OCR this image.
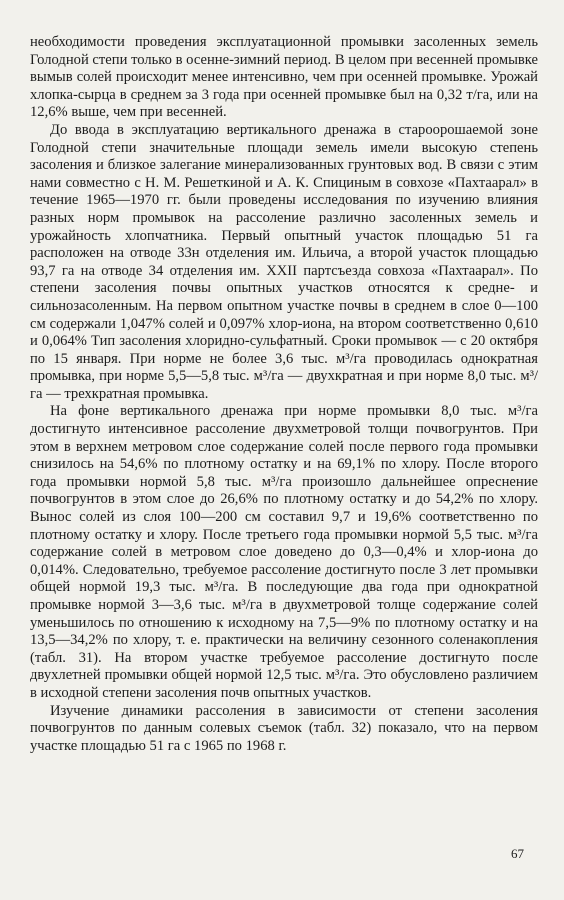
необходимости проведения эксплуатационной промывки засоленных земель Голодной степи только в осенне-зимний период. В целом при весенней промывке вымыв солей происходит менее интенсивно, чем при осенней промывке. Урожай хлопка-сырца в среднем за 3 года при осенней промывке был на 0,32 т/га, или на 12,6% выше, чем при весенней.

До ввода в эксплуатацию вертикального дренажа в староорошаемой зоне Голодной степи значительные площади земель имели высокую степень засоления и близкое залегание минерализованных грунтовых вод. В связи с этим нами совместно с Н. М. Решеткиной и А. К. Спициным в совхозе «Пахтаарал» в течение 1965—1970 гг. были проведены исследования по изучению влияния разных норм промывок на рассоление различно засоленных земель и урожайность хлопчатника. Первый опытный участок площадью 51 га расположен на отводе 33н отделения им. Ильича, а второй участок площадью 93,7 га на отводе 34 отделения им. XXII партсъезда совхоза «Пахтаарал». По степени засоления почвы опытных участков относятся к средне- и сильнозасоленным. На первом опытном участке почвы в среднем в слое 0—100 см содержали 1,047% солей и 0,097% хлор-иона, на втором соответственно 0,610 и 0,064% Тип засоления хлоридно-сульфатный. Сроки промывок — с 20 октября по 15 января. При норме не более 3,6 тыс. м³/га проводилась однократная промывка, при норме 5,5—5,8 тыс. м³/га — двухкратная и при норме 8,0 тыс. м³/га — трехкратная промывка.

На фоне вертикального дренажа при норме промывки 8,0 тыс. м³/га достигнуто интенсивное рассоление двухметровой толщи почвогрунтов. При этом в верхнем метровом слое содержание солей после первого года промывки снизилось на 54,6% по плотному остатку и на 69,1% по хлору. После второго года промывки нормой 5,8 тыс. м³/га произошло дальнейшее опреснение почвогрунтов в этом слое до 26,6% по плотному остатку и до 54,2% по хлору. Вынос солей из слоя 100—200 см составил 9,7 и 19,6% соответственно по плотному остатку и хлору. После третьего года промывки нормой 5,5 тыс. м³/га содержание солей в метровом слое доведено до 0,3—0,4% и хлор-иона до 0,014%. Следовательно, требуемое рассоление достигнуто после 3 лет промывки общей нормой 19,3 тыс. м³/га. В последующие два года при однократной промывке нормой 3—3,6 тыс. м³/га в двухметровой толще содержание солей уменьшилось по отношению к исходному на 7,5—9% по плотному остатку и на 13,5—34,2% по хлору, т. е. практически на величину сезонного соленакопления (табл. 31). На втором участке требуемое рассоление достигнуто после двухлетней промывки общей нормой 12,5 тыс. м³/га. Это обусловлено различием в исходной степени засоления почв опытных участков.

Изучение динамики рассоления в зависимости от степени засоления почвогрунтов по данным солевых съемок (табл. 32) показало, что на первом участке площадью 51 га с 1965 по 1968 г.

67
